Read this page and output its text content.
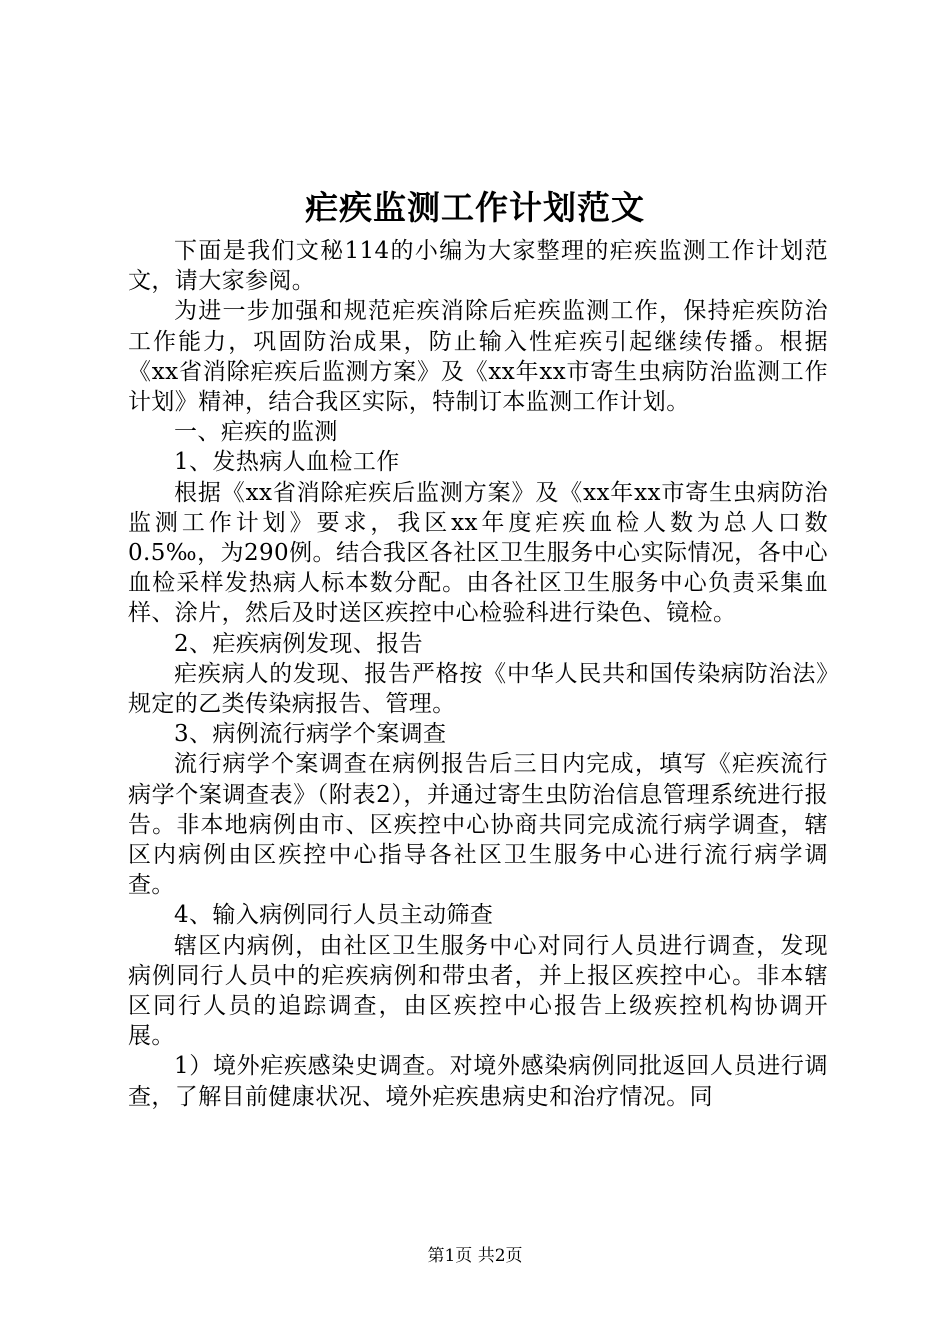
疟疾监测工作计划范文

下面是我们文秘114的小编为大家整理的疟疾监测工作计划范文，请大家参阅。

为进一步加强和规范疟疾消除后疟疾监测工作，保持疟疾防治工作能力，巩固防治成果，防止输入性疟疾引起继续传播。根据《xx省消除疟疾后监测方案》及《xx年xx市寄生虫病防治监测工作计划》精神，结合我区实际，特制订本监测工作计划。

一、疟疾的监测

1、发热病人血检工作

根据《xx省消除疟疾后监测方案》及《xx年xx市寄生虫病防治监测工作计划》要求，我区xx年度疟疾血检人数为总人口数0.5‰，为290例。结合我区各社区卫生服务中心实际情况，各中心血检采样发热病人标本数分配。由各社区卫生服务中心负责采集血样、涂片，然后及时送区疾控中心检验科进行染色、镜检。

2、疟疾病例发现、报告

疟疾病人的发现、报告严格按《中华人民共和国传染病防治法》规定的乙类传染病报告、管理。

3、病例流行病学个案调查

流行病学个案调查在病例报告后三日内完成，填写《疟疾流行病学个案调查表》（附表2），并通过寄生虫防治信息管理系统进行报告。非本地病例由市、区疾控中心协商共同完成流行病学调查，辖区内病例由区疾控中心指导各社区卫生服务中心进行流行病学调查。

4、输入病例同行人员主动筛查

辖区内病例，由社区卫生服务中心对同行人员进行调查，发现病例同行人员中的疟疾病例和带虫者，并上报区疾控中心。非本辖区同行人员的追踪调查，由区疾控中心报告上级疾控机构协调开展。

1）境外疟疾感染史调查。对境外感染病例同批返回人员进行调查，了解目前健康状况、境外疟疾患病史和治疗情况。同

第1页 共2页
